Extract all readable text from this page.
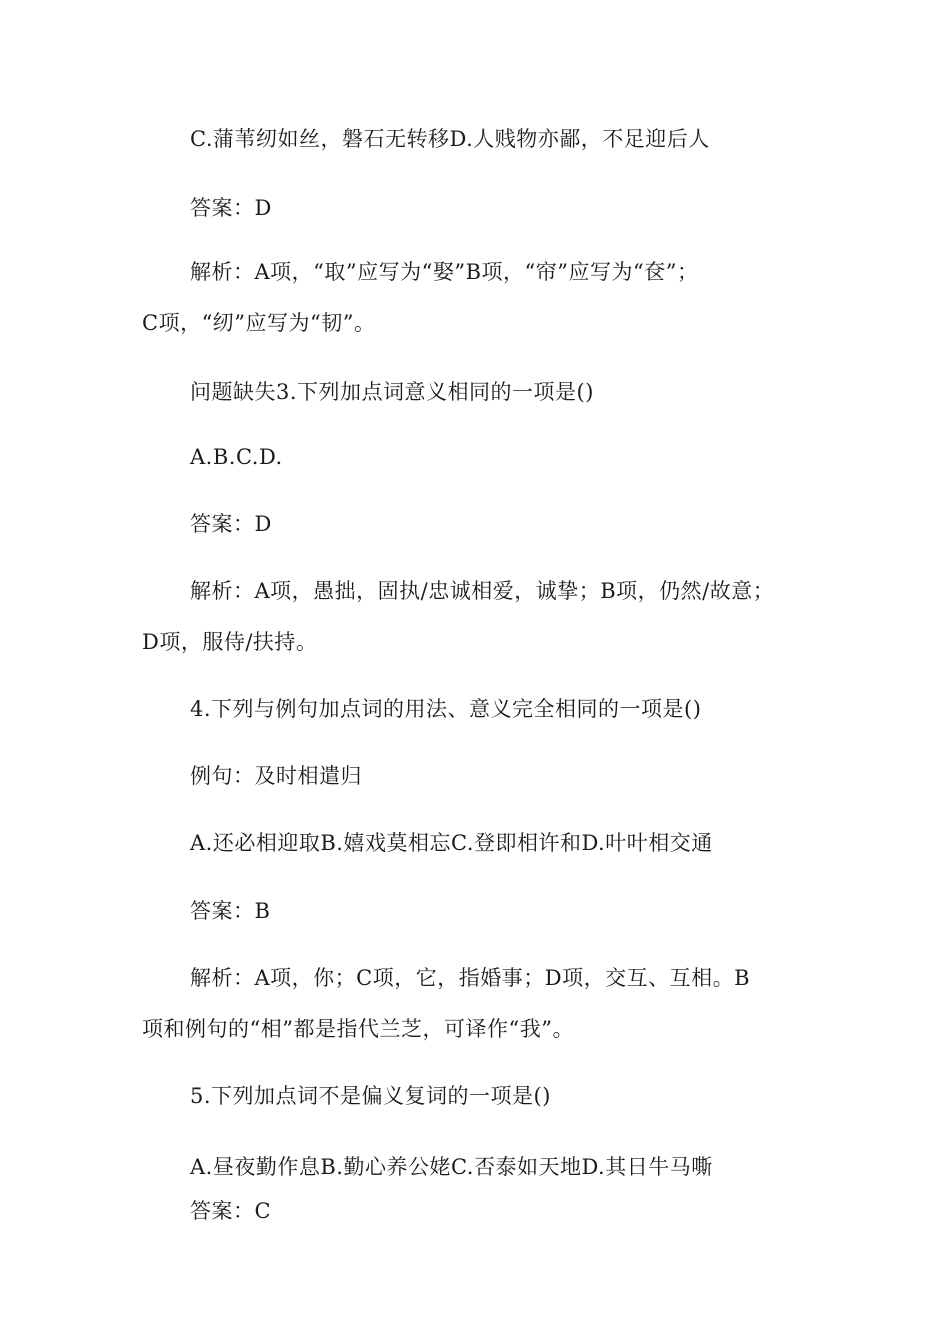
C.蒲苇纫如丝，磐石无转移D.人贱物亦鄙，不足迎后人
答案：D
解析：A项，“取”应写为“娶”B项，“帘”应写为“奁”；
C项，“纫”应写为“韧”。
问题缺失3.下列加点词意义相同的一项是()
A.B.C.D.
答案：D
解析：A项，愚拙，固执/忠诚相爱，诚挚；B项，仍然/故意；
D项，服侍/扶持。
4.下列与例句加点词的用法、意义完全相同的一项是()
例句：及时相遣归
A.还必相迎取B.嬉戏莫相忘C.登即相许和D.叶叶相交通
答案：B
解析：A项，你；C项，它，指婚事；D项，交互、互相。B
项和例句的“相”都是指代兰芝，可译作“我”。
5.下列加点词不是偏义复词的一项是()
A.昼夜勤作息B.勤心养公姥C.否泰如天地D.其日牛马嘶
答案：C
